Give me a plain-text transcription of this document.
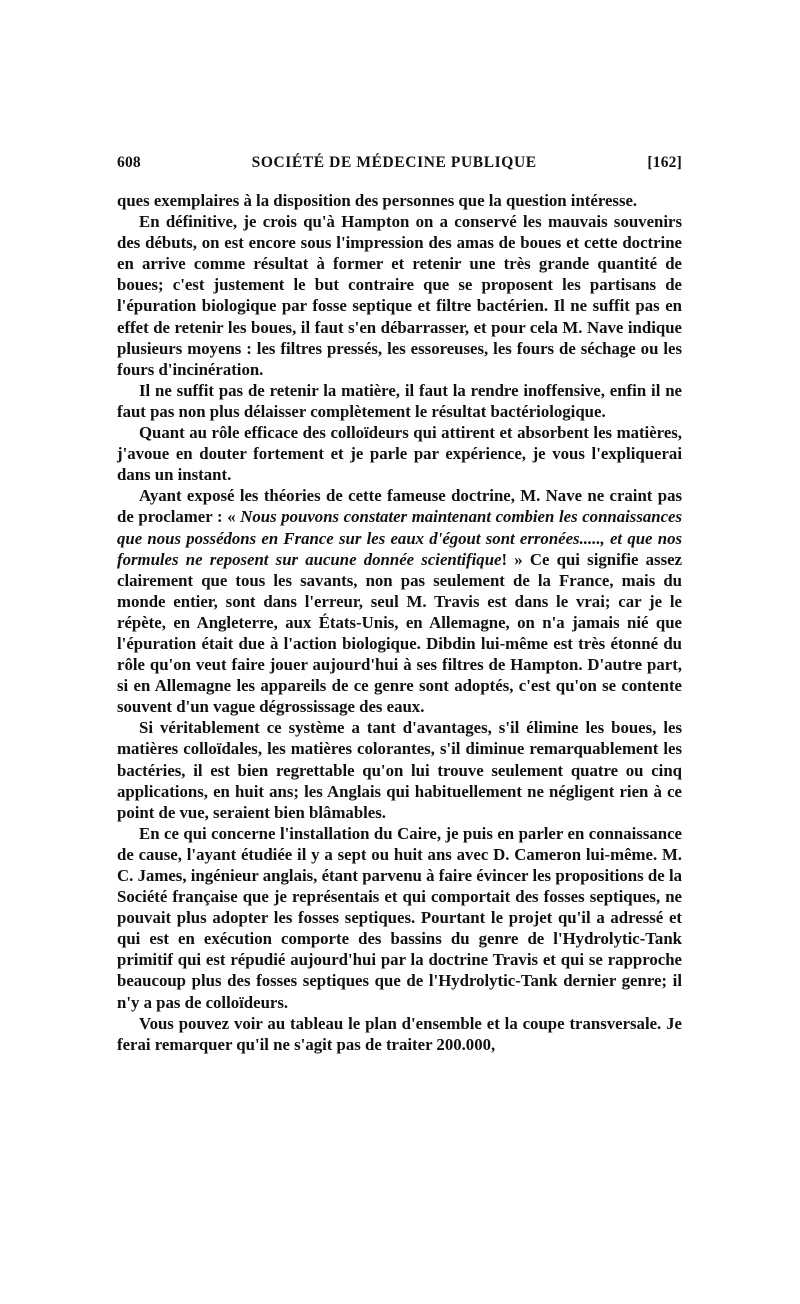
608	SOCIÉTÉ DE MÉDECINE PUBLIQUE	[162]

ques exemplaires à la disposition des personnes que la question intéresse.

En définitive, je crois qu'à Hampton on a conservé les mauvais souvenirs des débuts, on est encore sous l'impression des amas de boues et cette doctrine en arrive comme résultat à former et retenir une très grande quantité de boues; c'est justement le but contraire que se proposent les partisans de l'épuration biologique par fosse septique et filtre bactérien. Il ne suffit pas en effet de retenir les boues, il faut s'en débarrasser, et pour cela M. Nave indique plusieurs moyens : les filtres pressés, les essoreuses, les fours de séchage ou les fours d'incinération.

Il ne suffit pas de retenir la matière, il faut la rendre inoffensive, enfin il ne faut pas non plus délaisser complètement le résultat bactériologique.

Quant au rôle efficace des colloïdeurs qui attirent et absorbent les matières, j'avoue en douter fortement et je parle par expérience, je vous l'expliquerai dans un instant.

Ayant exposé les théories de cette fameuse doctrine, M. Nave ne craint pas de proclamer : « Nous pouvons constater maintenant combien les connaissances que nous possédons en France sur les eaux d'égout sont erronées....., et que nos formules ne reposent sur aucune donnée scientifique! » Ce qui signifie assez clairement que tous les savants, non pas seulement de la France, mais du monde entier, sont dans l'erreur, seul M. Travis est dans le vrai; car je le répète, en Angleterre, aux États-Unis, en Allemagne, on n'a jamais nié que l'épuration était due à l'action biologique. Dibdin lui-même est très étonné du rôle qu'on veut faire jouer aujourd'hui à ses filtres de Hampton. D'autre part, si en Allemagne les appareils de ce genre sont adoptés, c'est qu'on se contente souvent d'un vague dégrossissage des eaux.

Si véritablement ce système a tant d'avantages, s'il élimine les boues, les matières colloïdales, les matières colorantes, s'il diminue remarquablement les bactéries, il est bien regrettable qu'on lui trouve seulement quatre ou cinq applications, en huit ans; les Anglais qui habituellement ne négligent rien à ce point de vue, seraient bien blâmables.

En ce qui concerne l'installation du Caire, je puis en parler en connaissance de cause, l'ayant étudiée il y a sept ou huit ans avec D. Cameron lui-même. M. C. James, ingénieur anglais, étant parvenu à faire évincer les propositions de la Société française que je représentais et qui comportait des fosses septiques, ne pouvait plus adopter les fosses septiques. Pourtant le projet qu'il a adressé et qui est en exécution comporte des bassins du genre de l'Hydrolytic-Tank primitif qui est répudié aujourd'hui par la doctrine Travis et qui se rapproche beaucoup plus des fosses septiques que de l'Hydrolytic-Tank dernier genre; il n'y a pas de colloïdeurs.

Vous pouvez voir au tableau le plan d'ensemble et la coupe transversale. Je ferai remarquer qu'il ne s'agit pas de traiter 200.000,
